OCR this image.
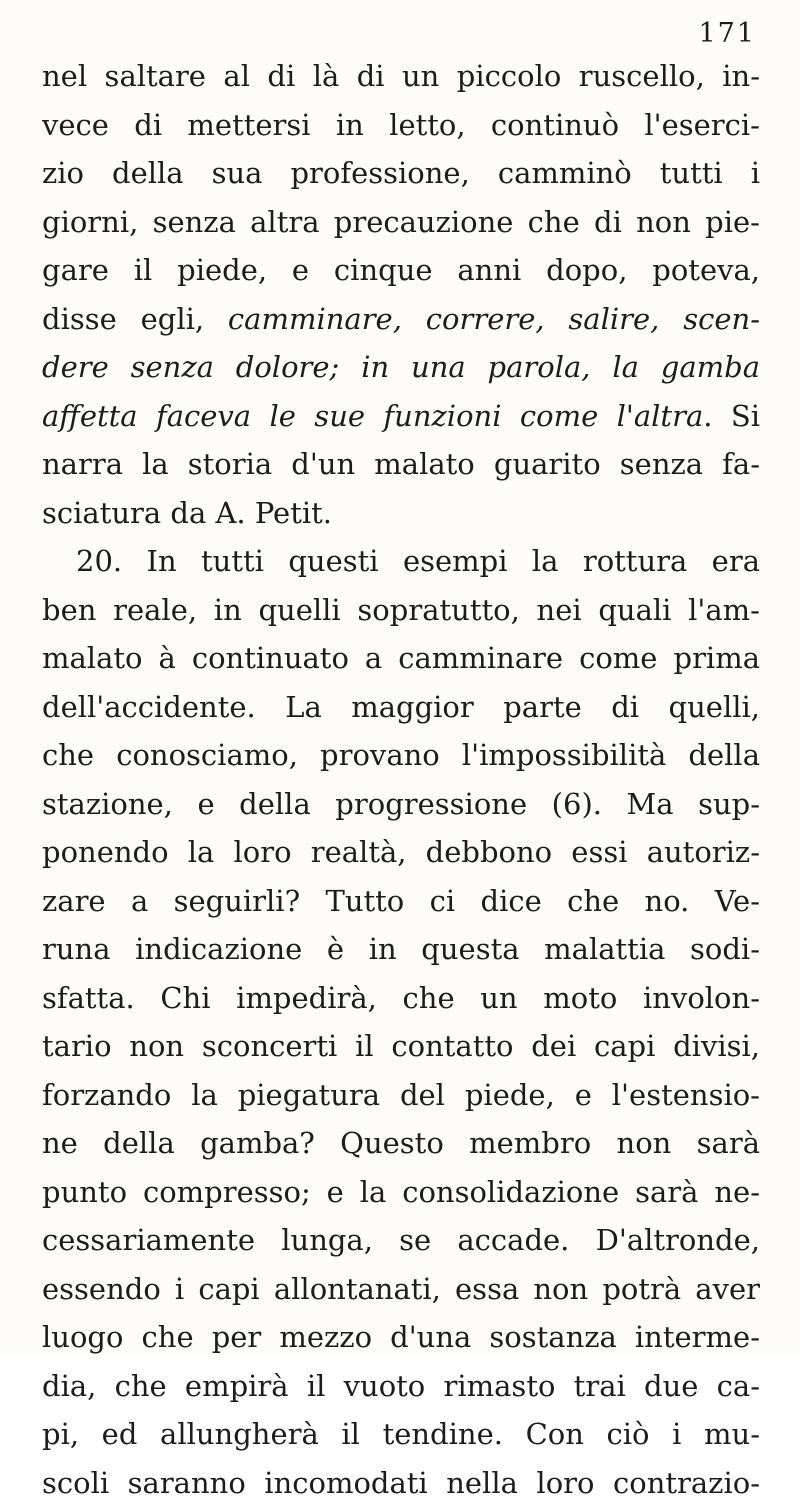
171
nel saltare al di là di un piccolo ruscello, in-
vece di mettersi in letto, continuò l'eserci-
zio della sua professione, camminò tutti i
giorni, senza altra precauzione che di non pie-
gare il piede, e cinque anni dopo, poteva,
disse egli, camminare, correre, salire, scen-
dere senza dolore; in una parola, la gamba
affetta faceva le sue funzioni come l'altra. Si
narra la storia d'un malato guarito senza fa-
sciatura da A. Petit.
20. In tutti questi esempi la rottura era
ben reale, in quelli sopratutto, nei quali l'am-
malato à continuato a camminare come prima
dell'accidente. La maggior parte di quelli,
che conosciamo, provano l'impossibilità della
stazione, e della progressione (6). Ma sup-
ponendo la loro realtà, debbono essi autoriz-
zare a seguirli? Tutto ci dice che no. Ve-
runa indicazione è in questa malattia sodi-
sfatta. Chi impedirà, che un moto involon-
tario non sconcerti il contatto dei capi divisi,
forzando la piegatura del piede, e l'estensio-
ne della gamba? Questo membro non sarà
punto compresso; e la consolidazione sarà ne-
cessariamente lunga, se accade. D'altronde,
essendo i capi allontanati, essa non potrà aver
luogo che per mezzo d'una sostanza interme-
dia, che empirà il vuoto rimasto trai due ca-
pi, ed allungherà il tendine. Con ciò i mu-
scoli saranno incomodati nella loro contrazio-
